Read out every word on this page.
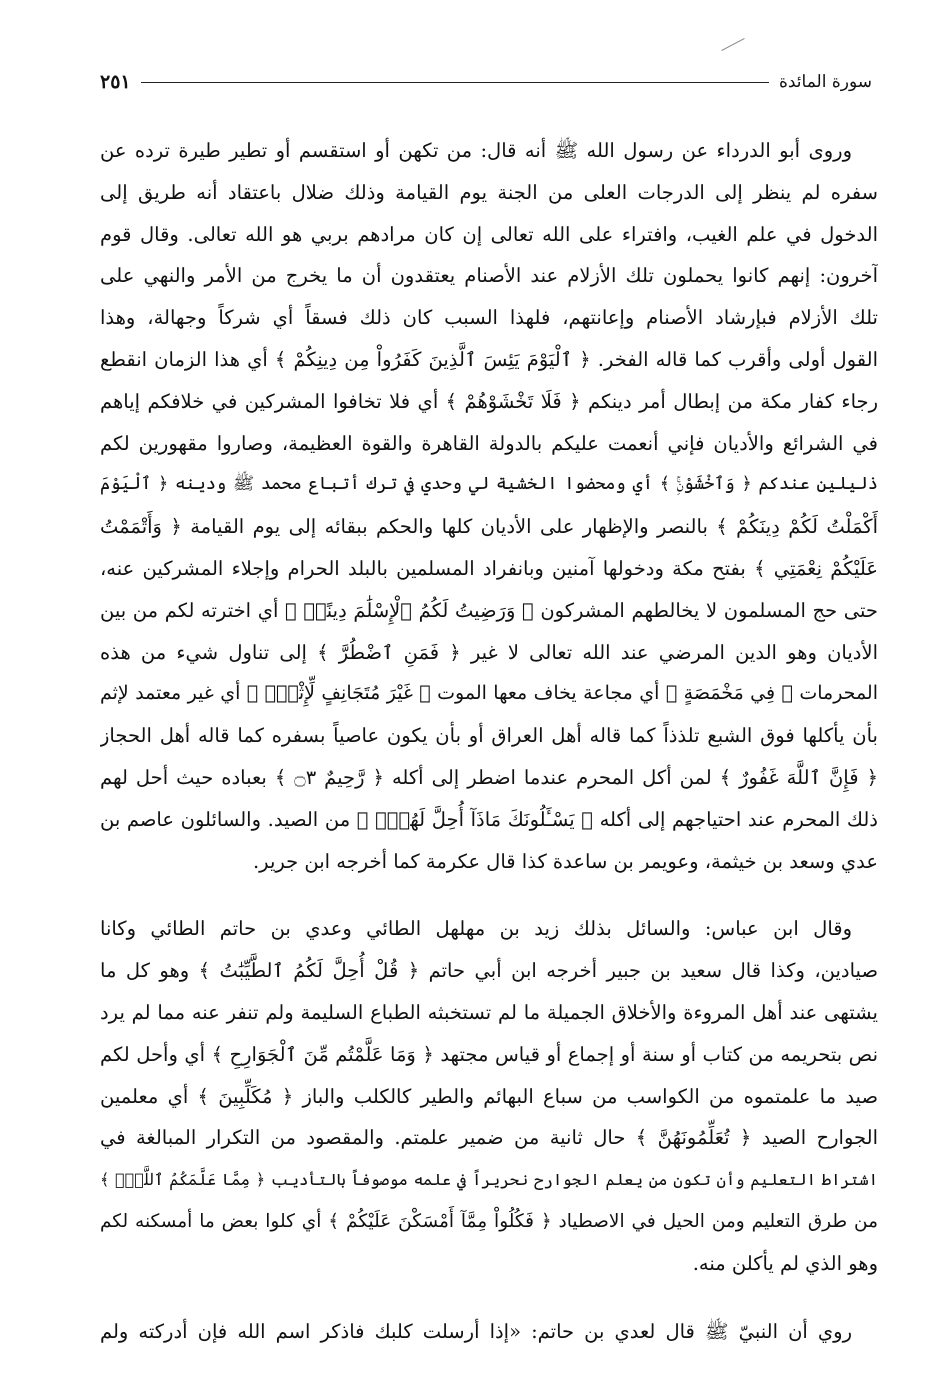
سورة المائدة
٢٥١
وروى أبو الدرداء عن رسول الله ﷺ أنه قال: من تكهن أو استقسم أو تطير طيرة ترده عن
سفره لم ينظر إلى الدرجات العلى من الجنة يوم القيامة وذلك ضلال باعتقاد أنه طريق إلى
الدخول في علم الغيب، وافتراء على الله تعالى إن كان مرادهم بربي هو الله تعالى. وقال قوم
آخرون: إنهم كانوا يحملون تلك الأزلام عند الأصنام يعتقدون أن ما يخرج من الأمر والنهي على
تلك الأزلام فبإرشاد الأصنام وإعانتهم، فلهذا السبب كان ذلك فسقاً أي شركاً وجهالة، وهذا
القول أولى وأقرب كما قاله الفخر. ﴿ ٱلْيَوْمَ يَئِسَ ٱلَّذِينَ كَفَرُواْ مِن دِينِكُمْ ﴾ أي هذا الزمان انقطع
رجاء كفار مكة من إبطال أمر دينكم ﴿ فَلَا تَخْشَوْهُمْ ﴾ أي فلا تخافوا المشركين في خلافكم إياهم
في الشرائع والأديان فإني أنعمت عليكم بالدولة القاهرة والقوة العظيمة، وصاروا مقهورين لكم
ذليلين عندكم ﴿ وَٱخْشَوْنِۚ ﴾ أي ومحضوا الخشية لي وحدي في ترك أتباع محمد ﷺ ودينه ﴿ ٱلْيَوْمَ
أَكْمَلْتُ لَكُمْ دِينَكُمْ ﴾ بالنصر والإظهار على الأديان كلها والحكم ببقائه إلى يوم القيامة ﴿ وَأَتْمَمْتُ
عَلَيْكُمْ نِعْمَتِي ﴾ بفتح مكة ودخولها آمنين وبانفراد المسلمين بالبلد الحرام وإجلاء المشركين عنه،
حتى حج المسلمون لا يخالطهم المشركون ﴿ وَرَضِيتُ لَكُمُ ٱلْإِسْلَٰمَ دِينًاۚ ﴾ أي اخترته لكم من بين
الأديان وهو الدين المرضي عند الله تعالى لا غير ﴿ فَمَنِ ٱضْطُرَّ ﴾ إلى تناول شيء من هذه
المحرمات ﴿ فِي مَخْمَصَةٍ ﴾ أي مجاعة يخاف معها الموت ﴿ غَيْرَ مُتَجَانِفٍ لِّإِثْمٍۙ ﴾ أي غير معتمد لإثم
بأن يأكلها فوق الشبع تلذذاً كما قاله أهل العراق أو بأن يكون عاصياً بسفره كما قاله أهل الحجاز
﴿ فَإِنَّ ٱللَّهَ غَفُورٌ ﴾ لمن أكل المحرم عندما اضطر إلى أكله ﴿ رَّحِيمٌ ۝٣ ﴾ بعباده حيث أحل لهم
ذلك المحرم عند احتياجهم إلى أكله ﴿ يَسْـَٔلُونَكَ مَاذَآ أُحِلَّ لَهُمْۖ ﴾ من الصيد. والسائلون عاصم بن
عدي وسعد بن خيثمة، وعويمر بن ساعدة كذا قال عكرمة كما أخرجه ابن جرير.
وقال ابن عباس: والسائل بذلك زيد بن مهلهل الطائي وعدي بن حاتم الطائي وكانا
صيادين، وكذا قال سعيد بن جبير أخرجه ابن أبي حاتم ﴿ قُلْ أُحِلَّ لَكُمُ ٱلطَّيِّبَٰتُ ﴾ وهو كل ما
يشتهى عند أهل المروءة والأخلاق الجميلة ما لم تستخبثه الطباع السليمة ولم تنفر عنه مما لم يرد
نص بتحريمه من كتاب أو سنة أو إجماع أو قياس مجتهد ﴿ وَمَا عَلَّمْتُم مِّنَ ٱلْجَوَارِحِ ﴾ أي وأحل لكم
صيد ما علمتموه من الكواسب من سباع البهائم والطير كالكلب والباز ﴿ مُكَلِّبِينَ ﴾ أي معلمين
الجوارح الصيد ﴿ تُعَلِّمُونَهُنَّ ﴾ حال ثانية من ضمير علمتم. والمقصود من التكرار المبالغة في
اشتراط التعليم وأن تكون من يعلم الجوارح نحريراً في علمه موصوفاً بالتأديب ﴿ مِمَّا عَلَّمَكُمُ ٱللَّهُۖ ﴾
من طرق التعليم ومن الحيل في الاصطياد ﴿ فَكُلُواْ مِمَّآ أَمْسَكْنَ عَلَيْكُمْ ﴾ أي كلوا بعض ما أمسكنه لكم
وهو الذي لم يأكلن منه.
روي أن النبيّ ﷺ قال لعدي بن حاتم: «إذا أرسلت كلبك فاذكر اسم الله فإن أدركته ولم
